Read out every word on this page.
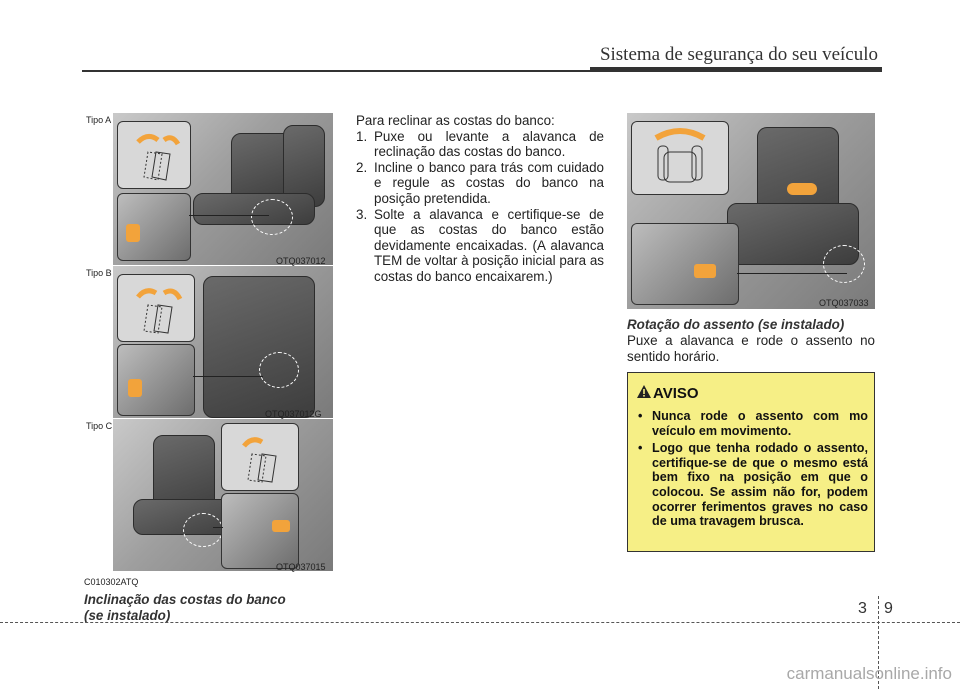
Sistema de segurança do seu veículo
Tipo A
OTQ037012
Tipo B
OTQ037012G
Tipo C
OTQ037015
C010302ATQ
Inclinação das costas do banco
(se instalado)
Para reclinar as costas do banco:
1. Puxe ou levante a alavanca de reclinação das costas do banco.
2. Incline o banco para trás com cuidado e regule as costas do banco na posição pretendida.
3. Solte a alavanca e certifique-se de que as costas do banco estão devidamente encaixadas. (A alavanca TEM de voltar à posição inicial para as costas do banco encaixarem.)
OTQ037033
Rotação do assento (se instalado)
Puxe a alavanca e rode o assento no sentido horário.
AVISO
• Nunca rode o assento com mo veículo em movimento.
• Logo que tenha rodado o assento, certifique-se de que o mesmo está bem fixo na posição em que o colocou. Se assim não for, podem ocorrer ferimentos graves no caso de uma travagem brusca.
3 9
carmanualsonline.info
